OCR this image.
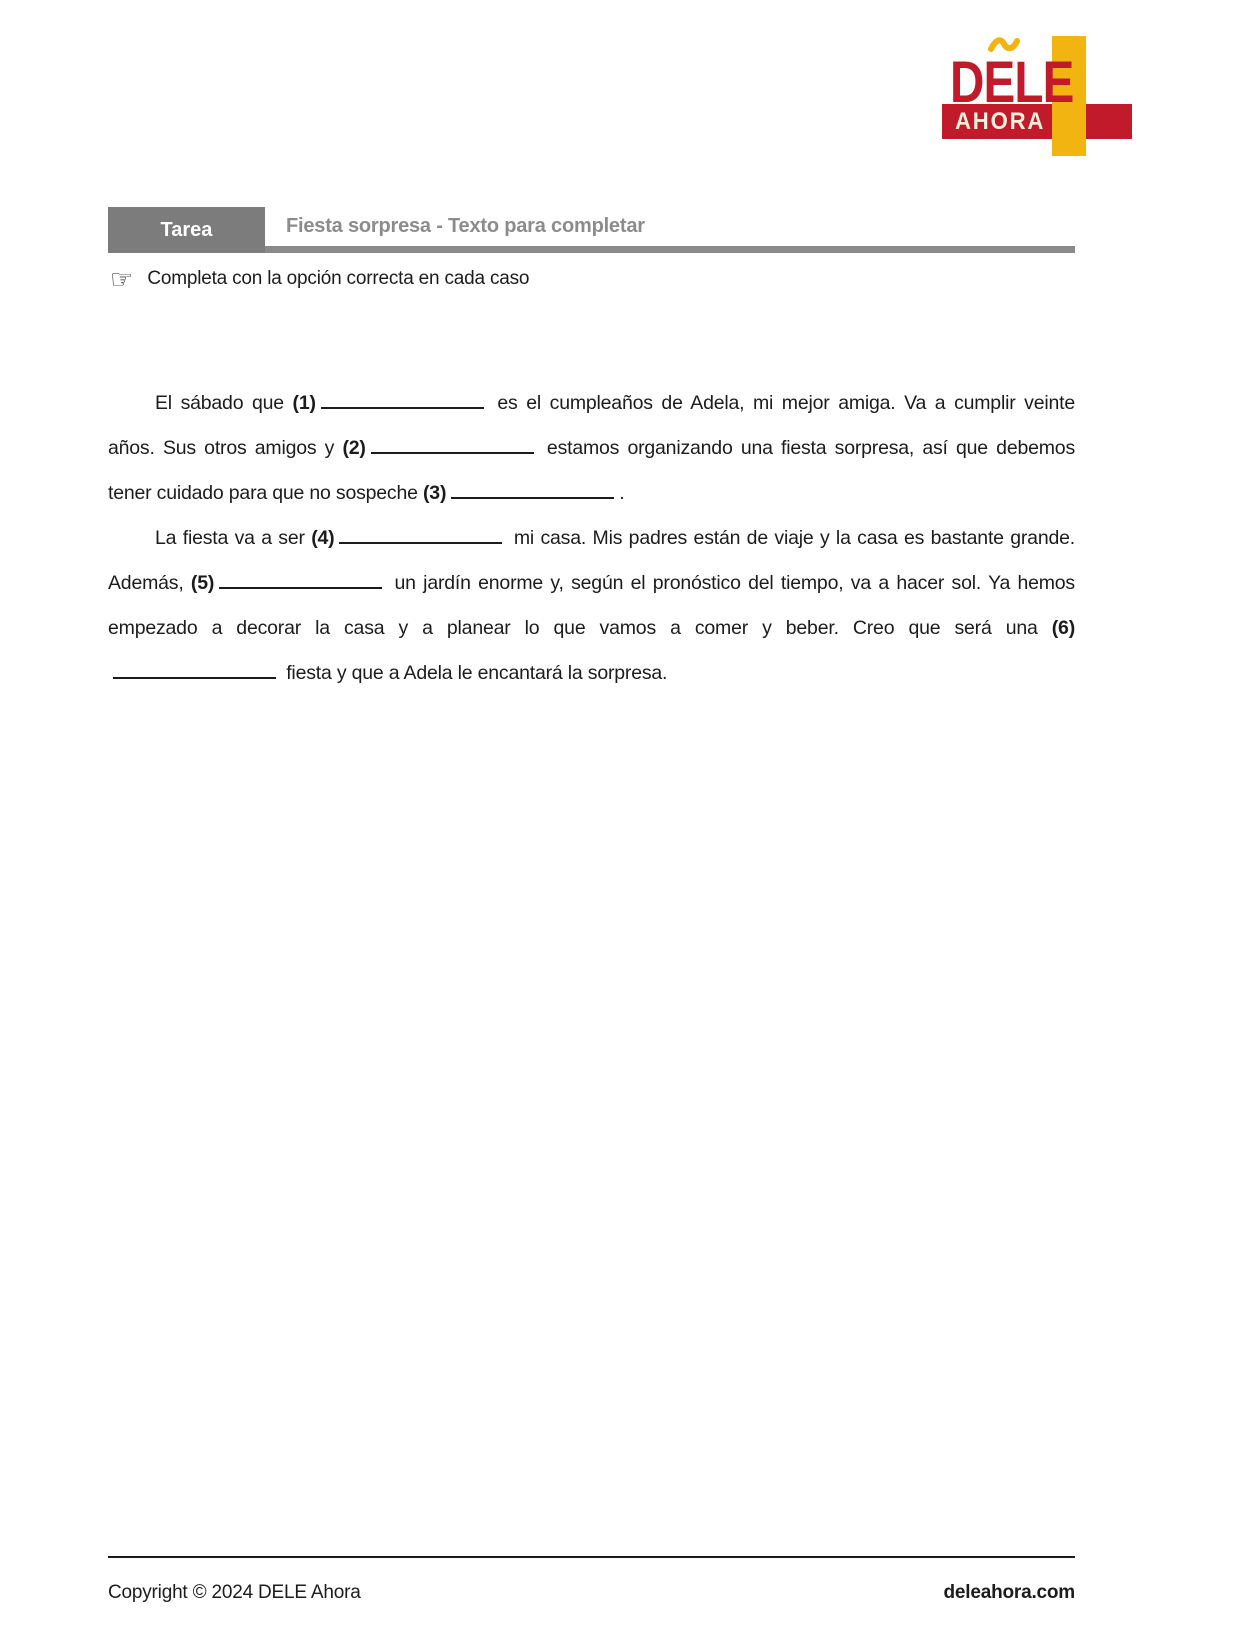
AHORA
DELE
Tarea	Fiesta sorpresa - Texto para completar
☞ Completa con la opción correcta en cada caso

El sábado que (1)	es el cumpleaños de Adela, mi mejor amiga. Va a cumplir veinte años. Sus otros amigos y (2)	estamos organizando una fiesta sorpresa, así que debemos tener cuidado para que no sospeche (3)	.

La fiesta va a ser (4)	mi casa. Mis padres están de viaje y la casa es bastante grande. Además, (5)	un jardín enorme y, según el pronóstico del tiempo, va a hacer sol. Ya hemos empezado a decorar la casa y a planear lo que vamos a comer y beber. Creo que será una (6) fiesta y que a Adela le encantará la sorpresa.

Copyright © 2024 DELE Ahora	deleahora.com
